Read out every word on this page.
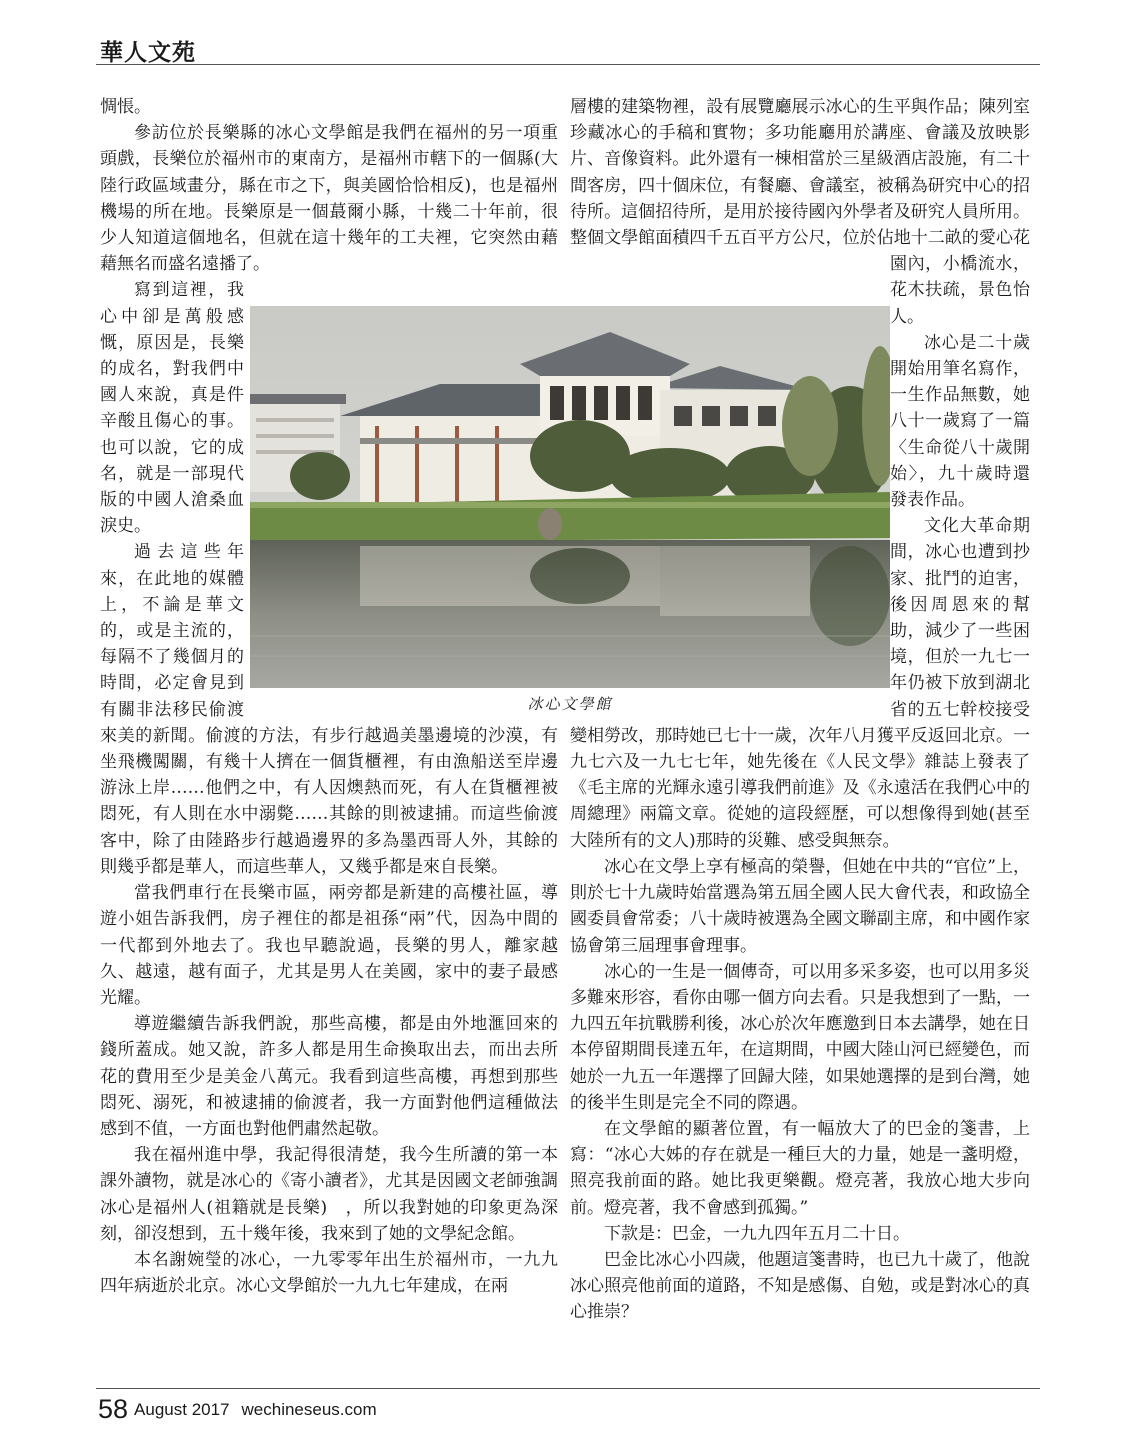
華人文苑

惆悵。

參訪位於長樂縣的冰心文學館是我們在福州的另一項重頭戲，長樂位於福州市的東南方，是福州市轄下的一個縣(大陸行政區域畫分，縣在市之下，與美國恰恰相反)，也是福州機場的所在地。長樂原是一個蕞爾小縣，十幾二十年前，很少人知道這個地名，但就在這十幾年的工夫裡，它突然由藉藉無名而盛名遠播了。

寫到這裡，我心中卻是萬般感慨，原因是，長樂的成名，對我們中國人來說，真是件辛酸且傷心的事。也可以說，它的成名，就是一部現代版的中國人滄桑血淚史。

過去這些年來，在此地的媒體上，不論是華文的，或是主流的，每隔不了幾個月的時間，必定會見到有關非法移民偷渡來美的新聞。偷渡的方法，有步行越過美墨邊境的沙漠，有坐飛機闖關，有幾十人擠在一個貨櫃裡，有由漁船送至岸邊游泳上岸……他們之中，有人因燠熱而死，有人在貨櫃裡被悶死，有人則在水中溺斃……其餘的則被逮捕。而這些偷渡客中，除了由陸路步行越過邊界的多為墨西哥人外，其餘的則幾乎都是華人，而這些華人，又幾乎都是來自長樂。

當我們車行在長樂市區，兩旁都是新建的高樓社區，導遊小姐告訴我們，房子裡住的都是祖孫“兩”代，因為中間的一代都到外地去了。我也早聽說過，長樂的男人，離家越久、越遠，越有面子，尤其是男人在美國，家中的妻子最感光耀。

導遊繼續告訴我們說，那些高樓，都是由外地滙回來的錢所蓋成。她又說，許多人都是用生命換取出去，而出去所花的費用至少是美金八萬元。我看到這些高樓，再想到那些悶死、溺死，和被逮捕的偷渡者，我一方面對他們這種做法感到不值，一方面也對他們肅然起敬。

我在福州進中學，我記得很清楚，我今生所讀的第一本課外讀物，就是冰心的《寄小讀者》，尤其是因國文老師強調冰心是福州人(祖籍就是長樂)　，所以我對她的印象更為深刻，卻沒想到，五十幾年後，我來到了她的文學紀念館。

本名謝婉瑩的冰心，一九零零年出生於福州市，一九九四年病逝於北京。冰心文學館於一九九七年建成，在兩

層樓的建築物裡，設有展覽廳展示冰心的生平與作品；陳列室珍藏冰心的手稿和實物；多功能廳用於講座、會議及放映影片、音像資料。此外還有一棟相當於三星級酒店設施，有二十間客房，四十個床位，有餐廳、會議室，被稱為研究中心的招待所。這個招待所，是用於接待國內外學者及研究人員所用。整個文學館面積四千五百平方公尺，位於佔地十二畝的愛心花園內，小橋流水，花木扶疏，景色怡人。

冰心是二十歲開始用筆名寫作，一生作品無數，她八十一歲寫了一篇〈生命從八十歲開始〉，九十歲時還發表作品。

文化大革命期間，冰心也遭到抄家、批鬥的迫害，後因周恩來的幫助，減少了一些困境，但於一九七一年仍被下放到湖北省的五七幹校接受變相勞改，那時她已七十一歲，次年八月獲平反返回北京。一九七六及一九七七年，她先後在《人民文學》雜誌上發表了《毛主席的光輝永遠引導我們前進》及《永遠活在我們心中的周總理》兩篇文章。從她的這段經歷，可以想像得到她(甚至大陸所有的文人)那時的災難、感受與無奈。

冰心在文學上享有極高的榮譽，但她在中共的“官位”上，則於七十九歲時始當選為第五屆全國人民大會代表，和政協全國委員會常委；八十歲時被選為全國文聯副主席，和中國作家協會第三屆理事會理事。

冰心的一生是一個傳奇，可以用多采多姿，也可以用多災多難來形容，看你由哪一個方向去看。只是我想到了一點，一九四五年抗戰勝利後，冰心於次年應邀到日本去講學，她在日本停留期間長達五年，在這期間，中國大陸山河已經變色，而她於一九五一年選擇了回歸大陸，如果她選擇的是到台灣，她的後半生則是完全不同的際遇。

在文學館的顯著位置，有一幅放大了的巴金的箋書，上寫：“冰心大姊的存在就是一種巨大的力量，她是一盞明燈，照亮我前面的路。她比我更樂觀。燈亮著，我放心地大步向前。燈亮著，我不會感到孤獨。”

下款是：巴金，一九九四年五月二十日。

巴金比冰心小四歲，他題這箋書時，也已九十歲了，他說冰心照亮他前面的道路，不知是感傷、自勉，或是對冰心的真心推崇？

冰心文學館
58 August 2017 wechineseus.com
